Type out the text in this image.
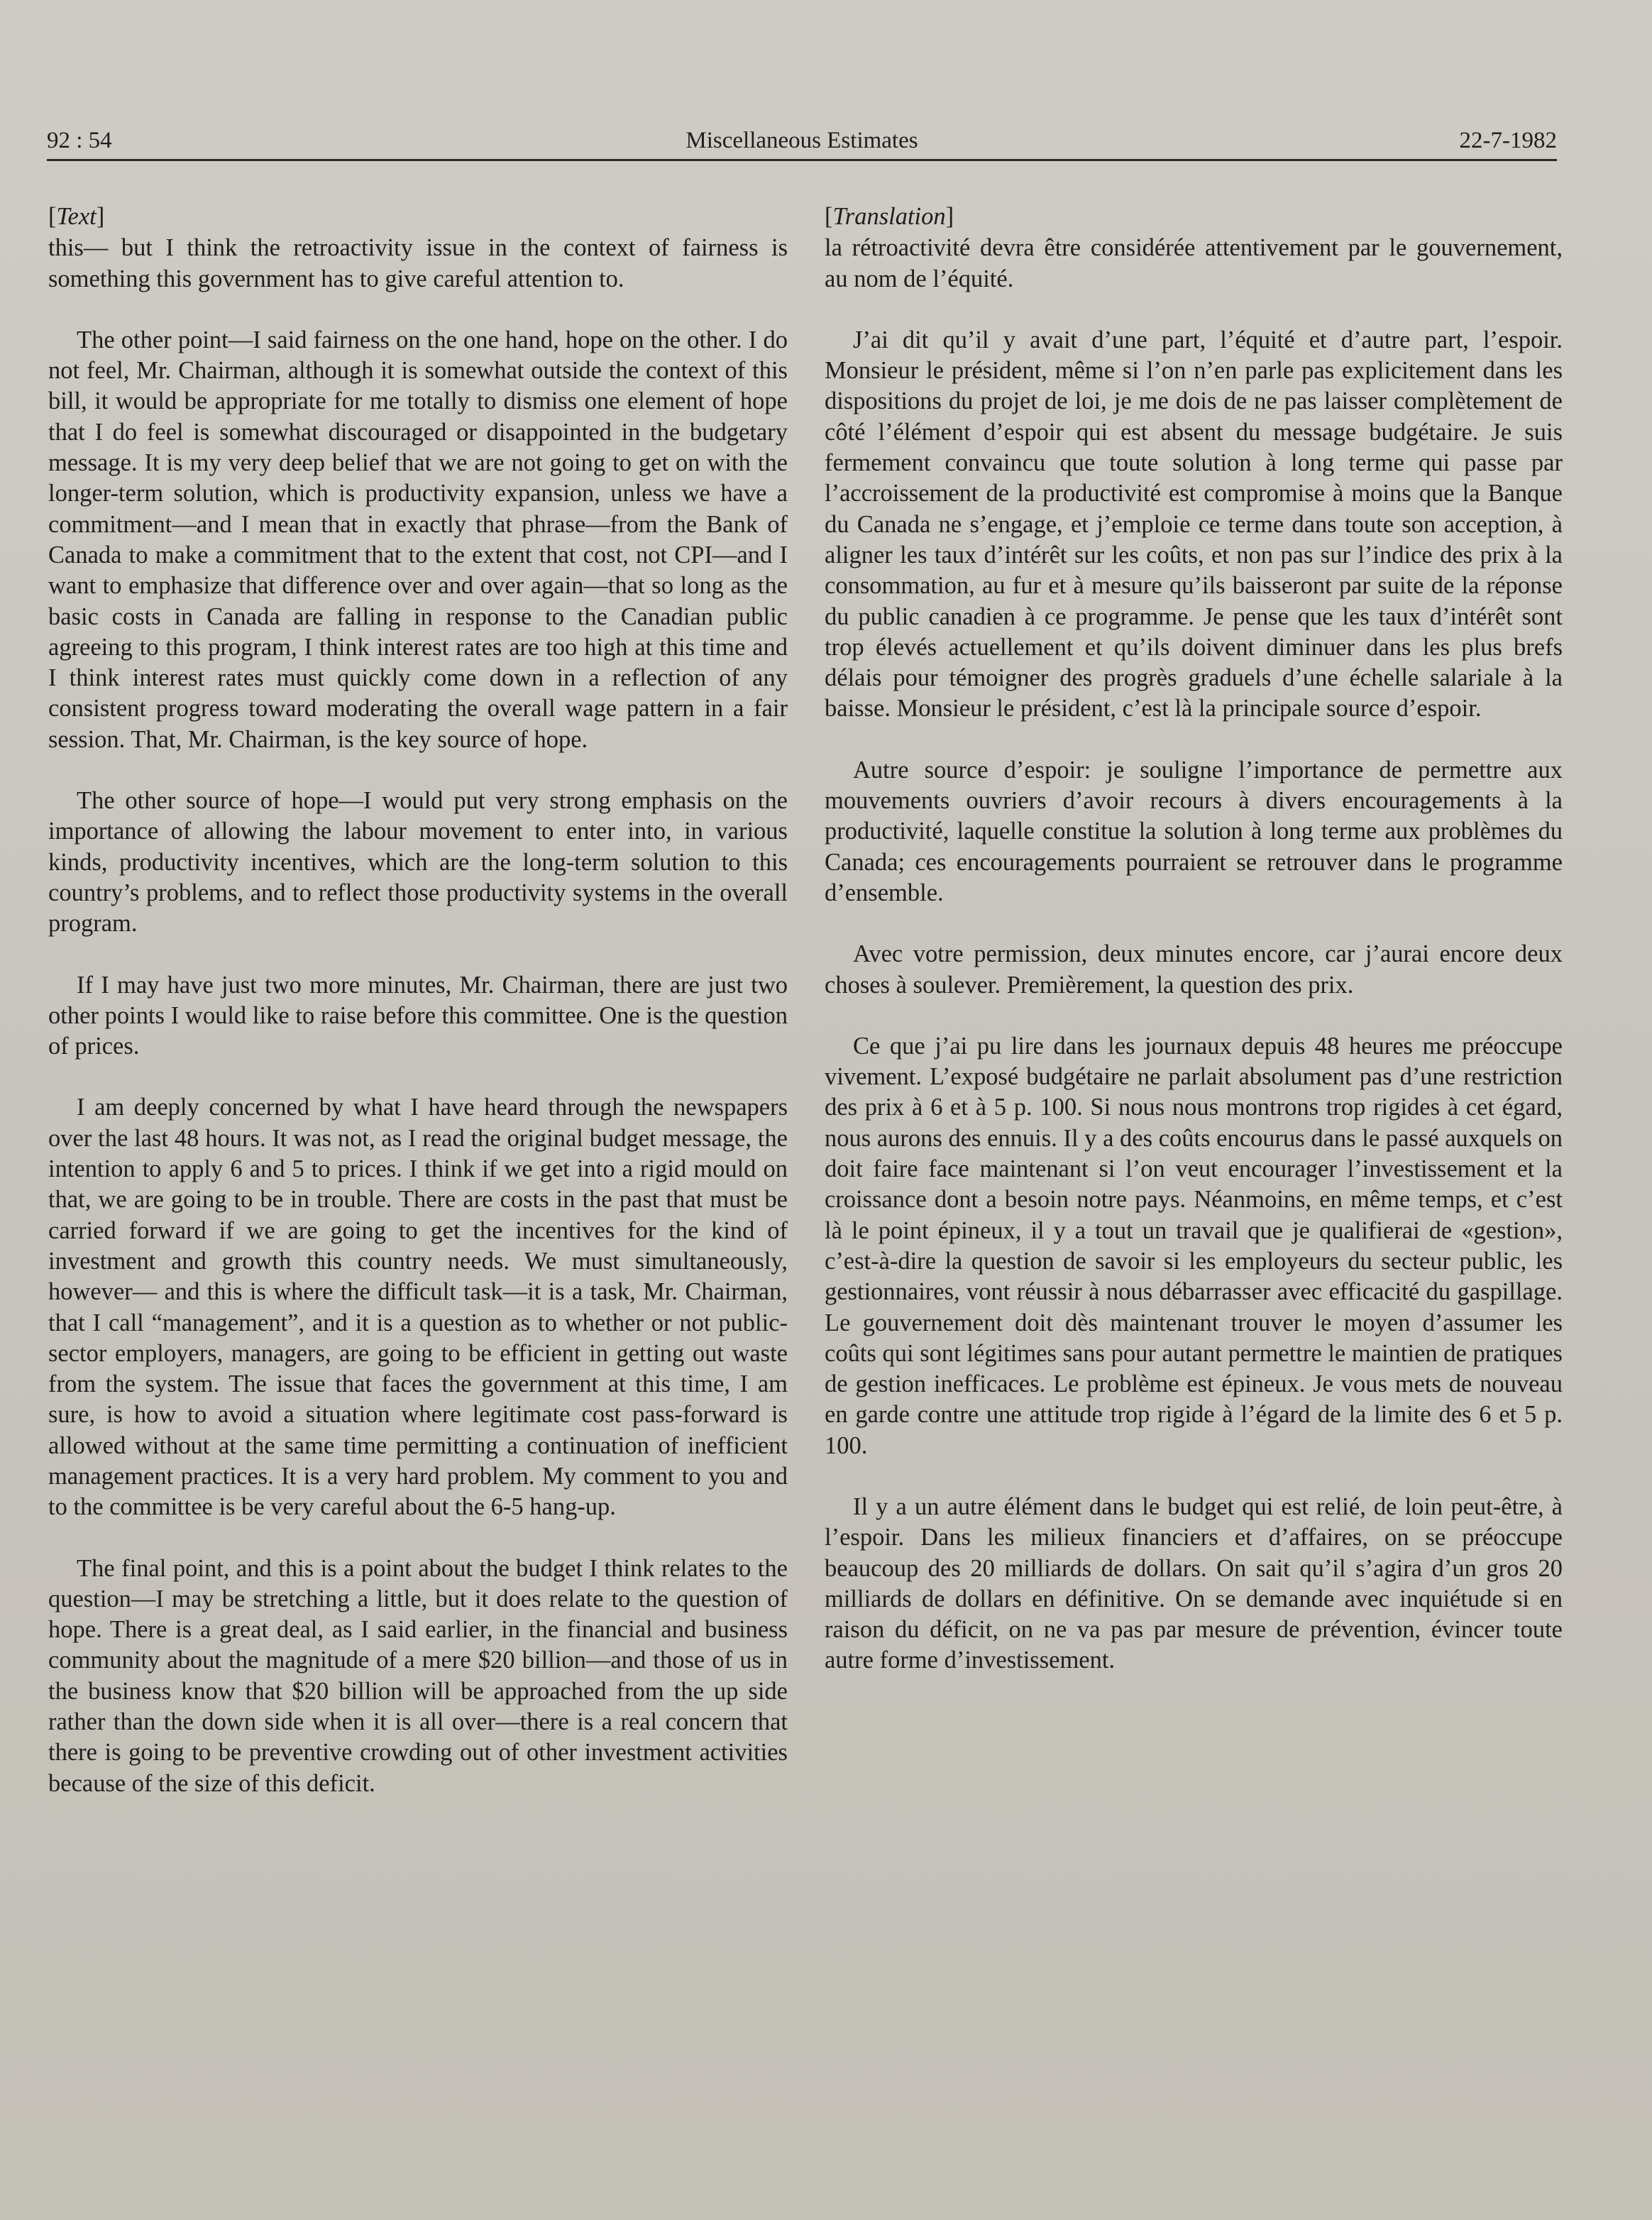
92 : 54	Miscellaneous Estimates	22-7-1982
[Text]

this— but I think the retroactivity issue in the context of fairness is something this government has to give careful attention to.

The other point—I said fairness on the one hand, hope on the other. I do not feel, Mr. Chairman, although it is somewhat outside the context of this bill, it would be appropriate for me totally to dismiss one element of hope that I do feel is somewhat discouraged or disappointed in the budgetary message. It is my very deep belief that we are not going to get on with the longer-term solution, which is productivity expansion, unless we have a commitment—and I mean that in exactly that phrase—from the Bank of Canada to make a commitment that to the extent that cost, not CPI—and I want to emphasize that difference over and over again—that so long as the basic costs in Canada are falling in response to the Canadian public agreeing to this program, I think interest rates are too high at this time and I think interest rates must quickly come down in a reflection of any consistent progress toward moderating the overall wage pattern in a fair session. That, Mr. Chairman, is the key source of hope.

The other source of hope—I would put very strong emphasis on the importance of allowing the labour movement to enter into, in various kinds, productivity incentives, which are the long-term solution to this country’s problems, and to reflect those productivity systems in the overall program.

If I may have just two more minutes, Mr. Chairman, there are just two other points I would like to raise before this committee. One is the question of prices.

I am deeply concerned by what I have heard through the newspapers over the last 48 hours. It was not, as I read the original budget message, the intention to apply 6 and 5 to prices. I think if we get into a rigid mould on that, we are going to be in trouble. There are costs in the past that must be carried forward if we are going to get the incentives for the kind of investment and growth this country needs. We must simultaneously, however— and this is where the difficult task—it is a task, Mr. Chairman, that I call “management”, and it is a question as to whether or not public-sector employers, managers, are going to be efficient in getting out waste from the system. The issue that faces the government at this time, I am sure, is how to avoid a situation where legitimate cost pass-forward is allowed without at the same time permitting a continuation of inefficient management practices. It is a very hard problem. My comment to you and to the committee is be very careful about the 6-5 hang-up.

The final point, and this is a point about the budget I think relates to the question—I may be stretching a little, but it does relate to the question of hope. There is a great deal, as I said earlier, in the financial and business community about the magnitude of a mere $20 billion—and those of us in the business know that $20 billion will be approached from the up side rather than the down side when it is all over—there is a real concern that there is going to be preventive crowding out of other investment activities because of the size of this deficit.

[Translation]

la rétroactivité devra être considérée attentivement par le gouvernement, au nom de l’équité.

J’ai dit qu’il y avait d’une part, l’équité et d’autre part, l’espoir. Monsieur le président, même si l’on n’en parle pas explicitement dans les dispositions du projet de loi, je me dois de ne pas laisser complètement de côté l’élément d’espoir qui est absent du message budgétaire. Je suis fermement convaincu que toute solution à long terme qui passe par l’accroissement de la productivité est compromise à moins que la Banque du Canada ne s’engage, et j’emploie ce terme dans toute son acception, à aligner les taux d’intérêt sur les coûts, et non pas sur l’indice des prix à la consommation, au fur et à mesure qu’ils baisseront par suite de la réponse du public canadien à ce programme. Je pense que les taux d’intérêt sont trop élevés actuellement et qu’ils doivent diminuer dans les plus brefs délais pour témoigner des progrès graduels d’une échelle salariale à la baisse. Monsieur le président, c’est là la principale source d’espoir.

Autre source d’espoir: je souligne l’importance de permettre aux mouvements ouvriers d’avoir recours à divers encouragements à la productivité, laquelle constitue la solution à long terme aux problèmes du Canada; ces encouragements pourraient se retrouver dans le programme d’ensemble.

Avec votre permission, deux minutes encore, car j’aurai encore deux choses à soulever. Premièrement, la question des prix.

Ce que j’ai pu lire dans les journaux depuis 48 heures me préoccupe vivement. L’exposé budgétaire ne parlait absolument pas d’une restriction des prix à 6 et à 5 p. 100. Si nous nous montrons trop rigides à cet égard, nous aurons des ennuis. Il y a des coûts encourus dans le passé auxquels on doit faire face maintenant si l’on veut encourager l’investissement et la croissance dont a besoin notre pays. Néanmoins, en même temps, et c’est là le point épineux, il y a tout un travail que je qualifierai de «gestion», c’est-à-dire la question de savoir si les employeurs du secteur public, les gestionnaires, vont réussir à nous débarrasser avec efficacité du gaspillage. Le gouvernement doit dès maintenant trouver le moyen d’assumer les coûts qui sont légitimes sans pour autant permettre le maintien de pratiques de gestion inefficaces. Le problème est épineux. Je vous mets de nouveau en garde contre une attitude trop rigide à l’égard de la limite des 6 et 5 p. 100.

Il y a un autre élément dans le budget qui est relié, de loin peut-être, à l’espoir. Dans les milieux financiers et d’affaires, on se préoccupe beaucoup des 20 milliards de dollars. On sait qu’il s’agira d’un gros 20 milliards de dollars en définitive. On se demande avec inquiétude si en raison du déficit, on ne va pas par mesure de prévention, évincer toute autre forme d’investissement.
